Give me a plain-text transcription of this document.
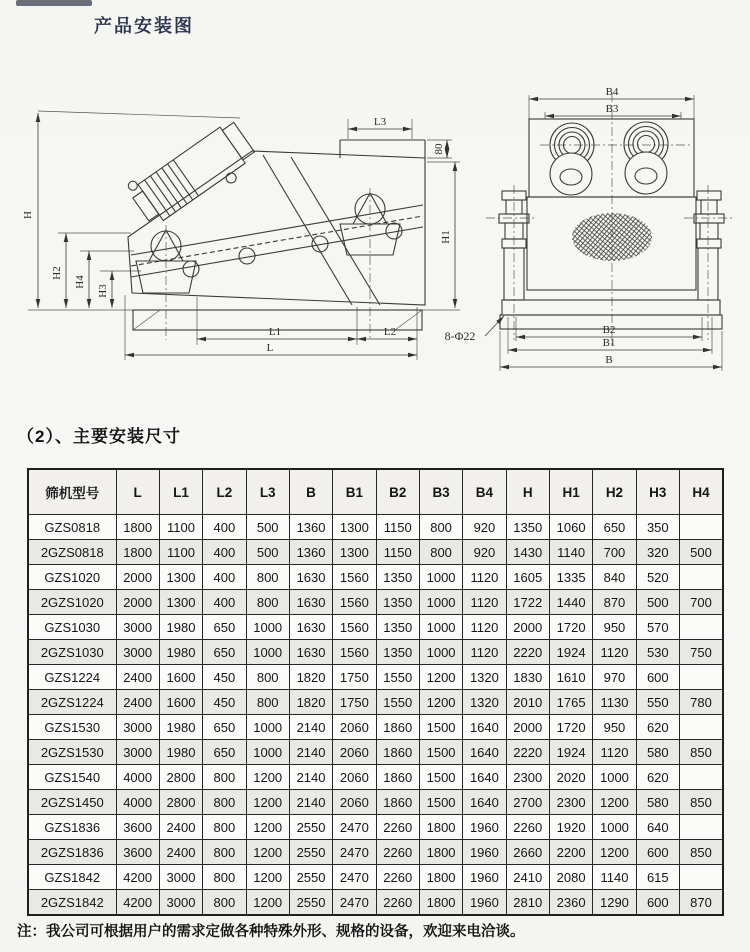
产品安装图
H
H2
H4
H3
L3
80
H1
L1	L2
L
8-Φ22
B4
B3
B2
B1
B
（2）、主要安装尺寸
筛机型号	L	L1	L2	L3	B	B1	B2	B3	B4	H	H1	H2	H3	H4
GZS0818	1800	1100	400	500	1360	1300	1150	800	920	1350	1060	650	350	
2GZS0818	1800	1100	400	500	1360	1300	1150	800	920	1430	1140	700	320	500
GZS1020	2000	1300	400	800	1630	1560	1350	1000	1120	1605	1335	840	520	
2GZS1020	2000	1300	400	800	1630	1560	1350	1000	1120	1722	1440	870	500	700
GZS1030	3000	1980	650	1000	1630	1560	1350	1000	1120	2000	1720	950	570	
2GZS1030	3000	1980	650	1000	1630	1560	1350	1000	1120	2220	1924	1120	530	750
GZS1224	2400	1600	450	800	1820	1750	1550	1200	1320	1830	1610	970	600	
2GZS1224	2400	1600	450	800	1820	1750	1550	1200	1320	2010	1765	1130	550	780
GZS1530	3000	1980	650	1000	2140	2060	1860	1500	1640	2000	1720	950	620	
2GZS1530	3000	1980	650	1000	2140	2060	1860	1500	1640	2220	1924	1120	580	850
GZS1540	4000	2800	800	1200	2140	2060	1860	1500	1640	2300	2020	1000	620	
2GZS1450	4000	2800	800	1200	2140	2060	1860	1500	1640	2700	2300	1200	580	850
GZS1836	3600	2400	800	1200	2550	2470	2260	1800	1960	2260	1920	1000	640	
2GZS1836	3600	2400	800	1200	2550	2470	2260	1800	1960	2660	2200	1200	600	850
GZS1842	4200	3000	800	1200	2550	2470	2260	1800	1960	2410	2080	1140	615	
2GZS1842	4200	3000	800	1200	2550	2470	2260	1800	1960	2810	2360	1290	600	870
注：我公司可根据用户的需求定做各种特殊外形、规格的设备，欢迎来电洽谈。
